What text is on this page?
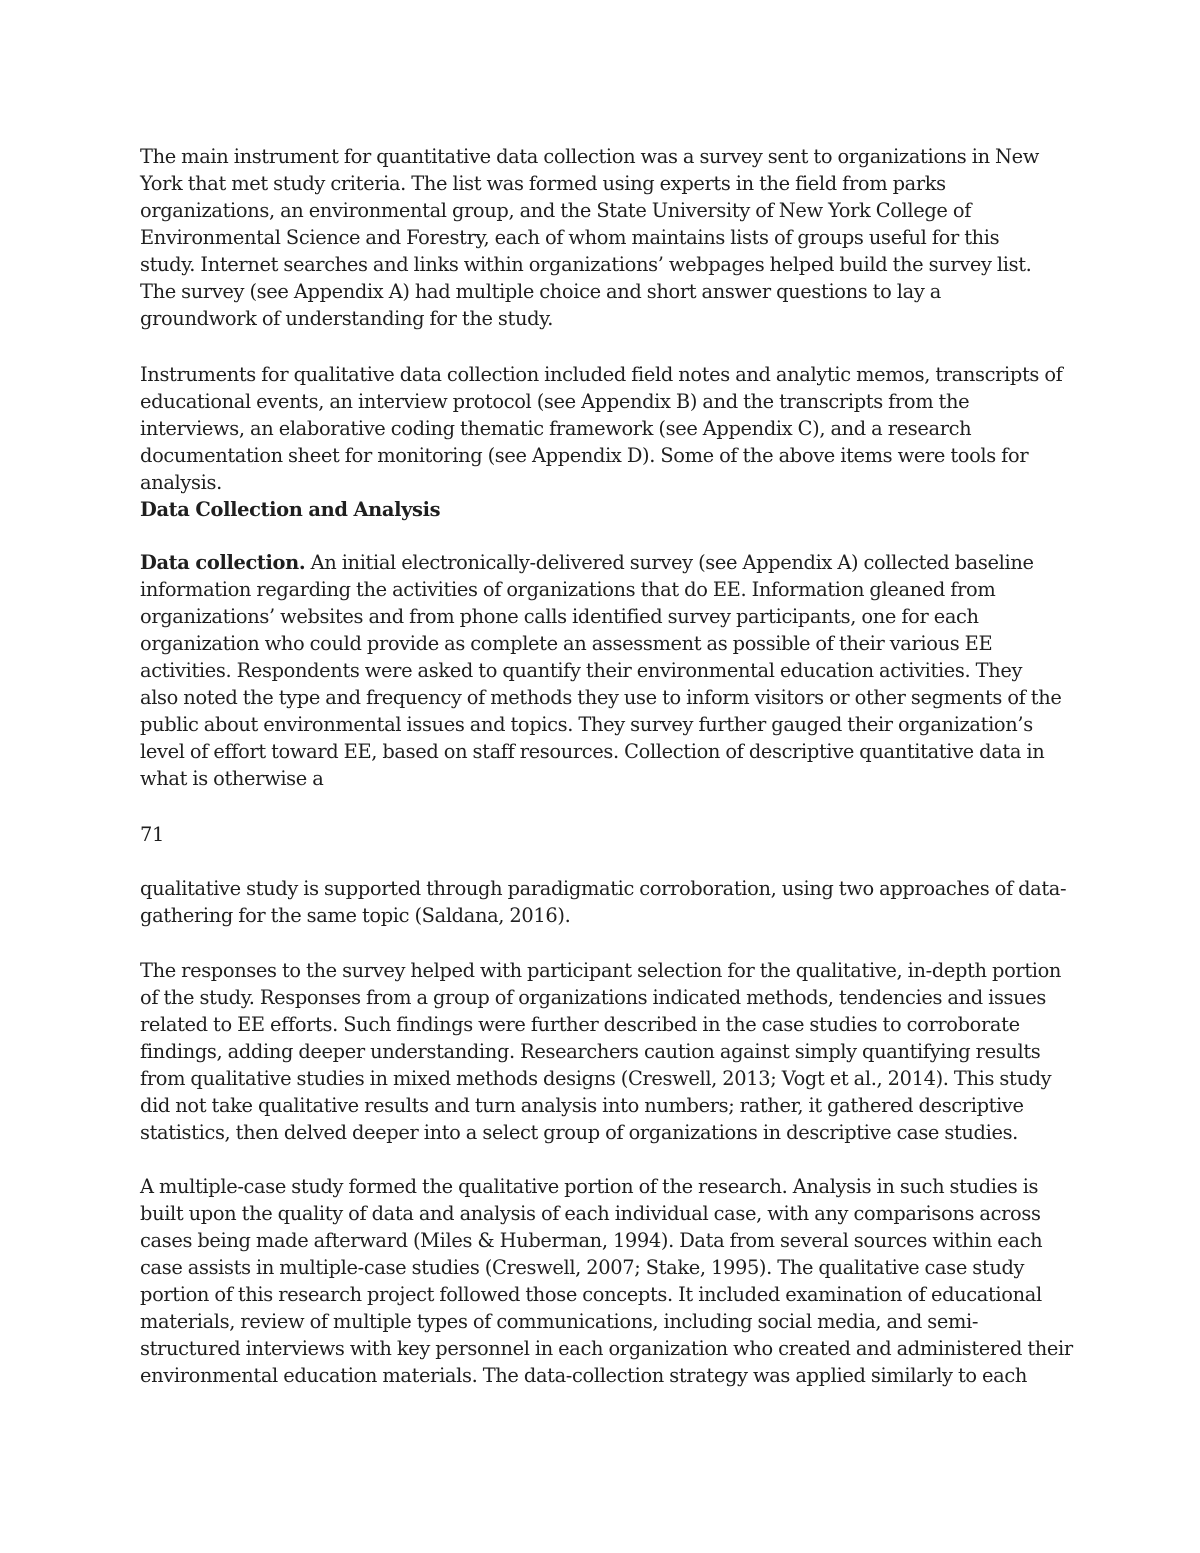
The main instrument for quantitative data collection was a survey sent to organizations in New
York that met study criteria. The list was formed using experts in the field from parks
organizations, an environmental group, and the State University of New York College of
Environmental Science and Forestry, each of whom maintains lists of groups useful for this
study. Internet searches and links within organizations’ webpages helped build the survey list.
The survey (see Appendix A) had multiple choice and short answer questions to lay a
groundwork of understanding for the study.
Instruments for qualitative data collection included field notes and analytic memos, transcripts of
educational events, an interview protocol (see Appendix B) and the transcripts from the
interviews, an elaborative coding thematic framework (see Appendix C), and a research
documentation sheet for monitoring (see Appendix D). Some of the above items were tools for
analysis.
Data Collection and Analysis
Data collection. An initial electronically-delivered survey (see Appendix A) collected baseline
information regarding the activities of organizations that do EE. Information gleaned from
organizations’ websites and from phone calls identified survey participants, one for each
organization who could provide as complete an assessment as possible of their various EE
activities. Respondents were asked to quantify their environmental education activities. They
also noted the type and frequency of methods they use to inform visitors or other segments of the
public about environmental issues and topics. They survey further gauged their organization’s
level of effort toward EE, based on staff resources. Collection of descriptive quantitative data in
what is otherwise a
71
qualitative study is supported through paradigmatic corroboration, using two approaches of data-
gathering for the same topic (Saldana, 2016).
The responses to the survey helped with participant selection for the qualitative, in-depth portion
of the study. Responses from a group of organizations indicated methods, tendencies and issues
related to EE efforts. Such findings were further described in the case studies to corroborate
findings, adding deeper understanding. Researchers caution against simply quantifying results
from qualitative studies in mixed methods designs (Creswell, 2013; Vogt et al., 2014). This study
did not take qualitative results and turn analysis into numbers; rather, it gathered descriptive
statistics, then delved deeper into a select group of organizations in descriptive case studies.
A multiple-case study formed the qualitative portion of the research. Analysis in such studies is
built upon the quality of data and analysis of each individual case, with any comparisons across
cases being made afterward (Miles & Huberman, 1994). Data from several sources within each
case assists in multiple-case studies (Creswell, 2007; Stake, 1995). The qualitative case study
portion of this research project followed those concepts. It included examination of educational
materials, review of multiple types of communications, including social media, and semi-
structured interviews with key personnel in each organization who created and administered their
environmental education materials. The data-collection strategy was applied similarly to each
